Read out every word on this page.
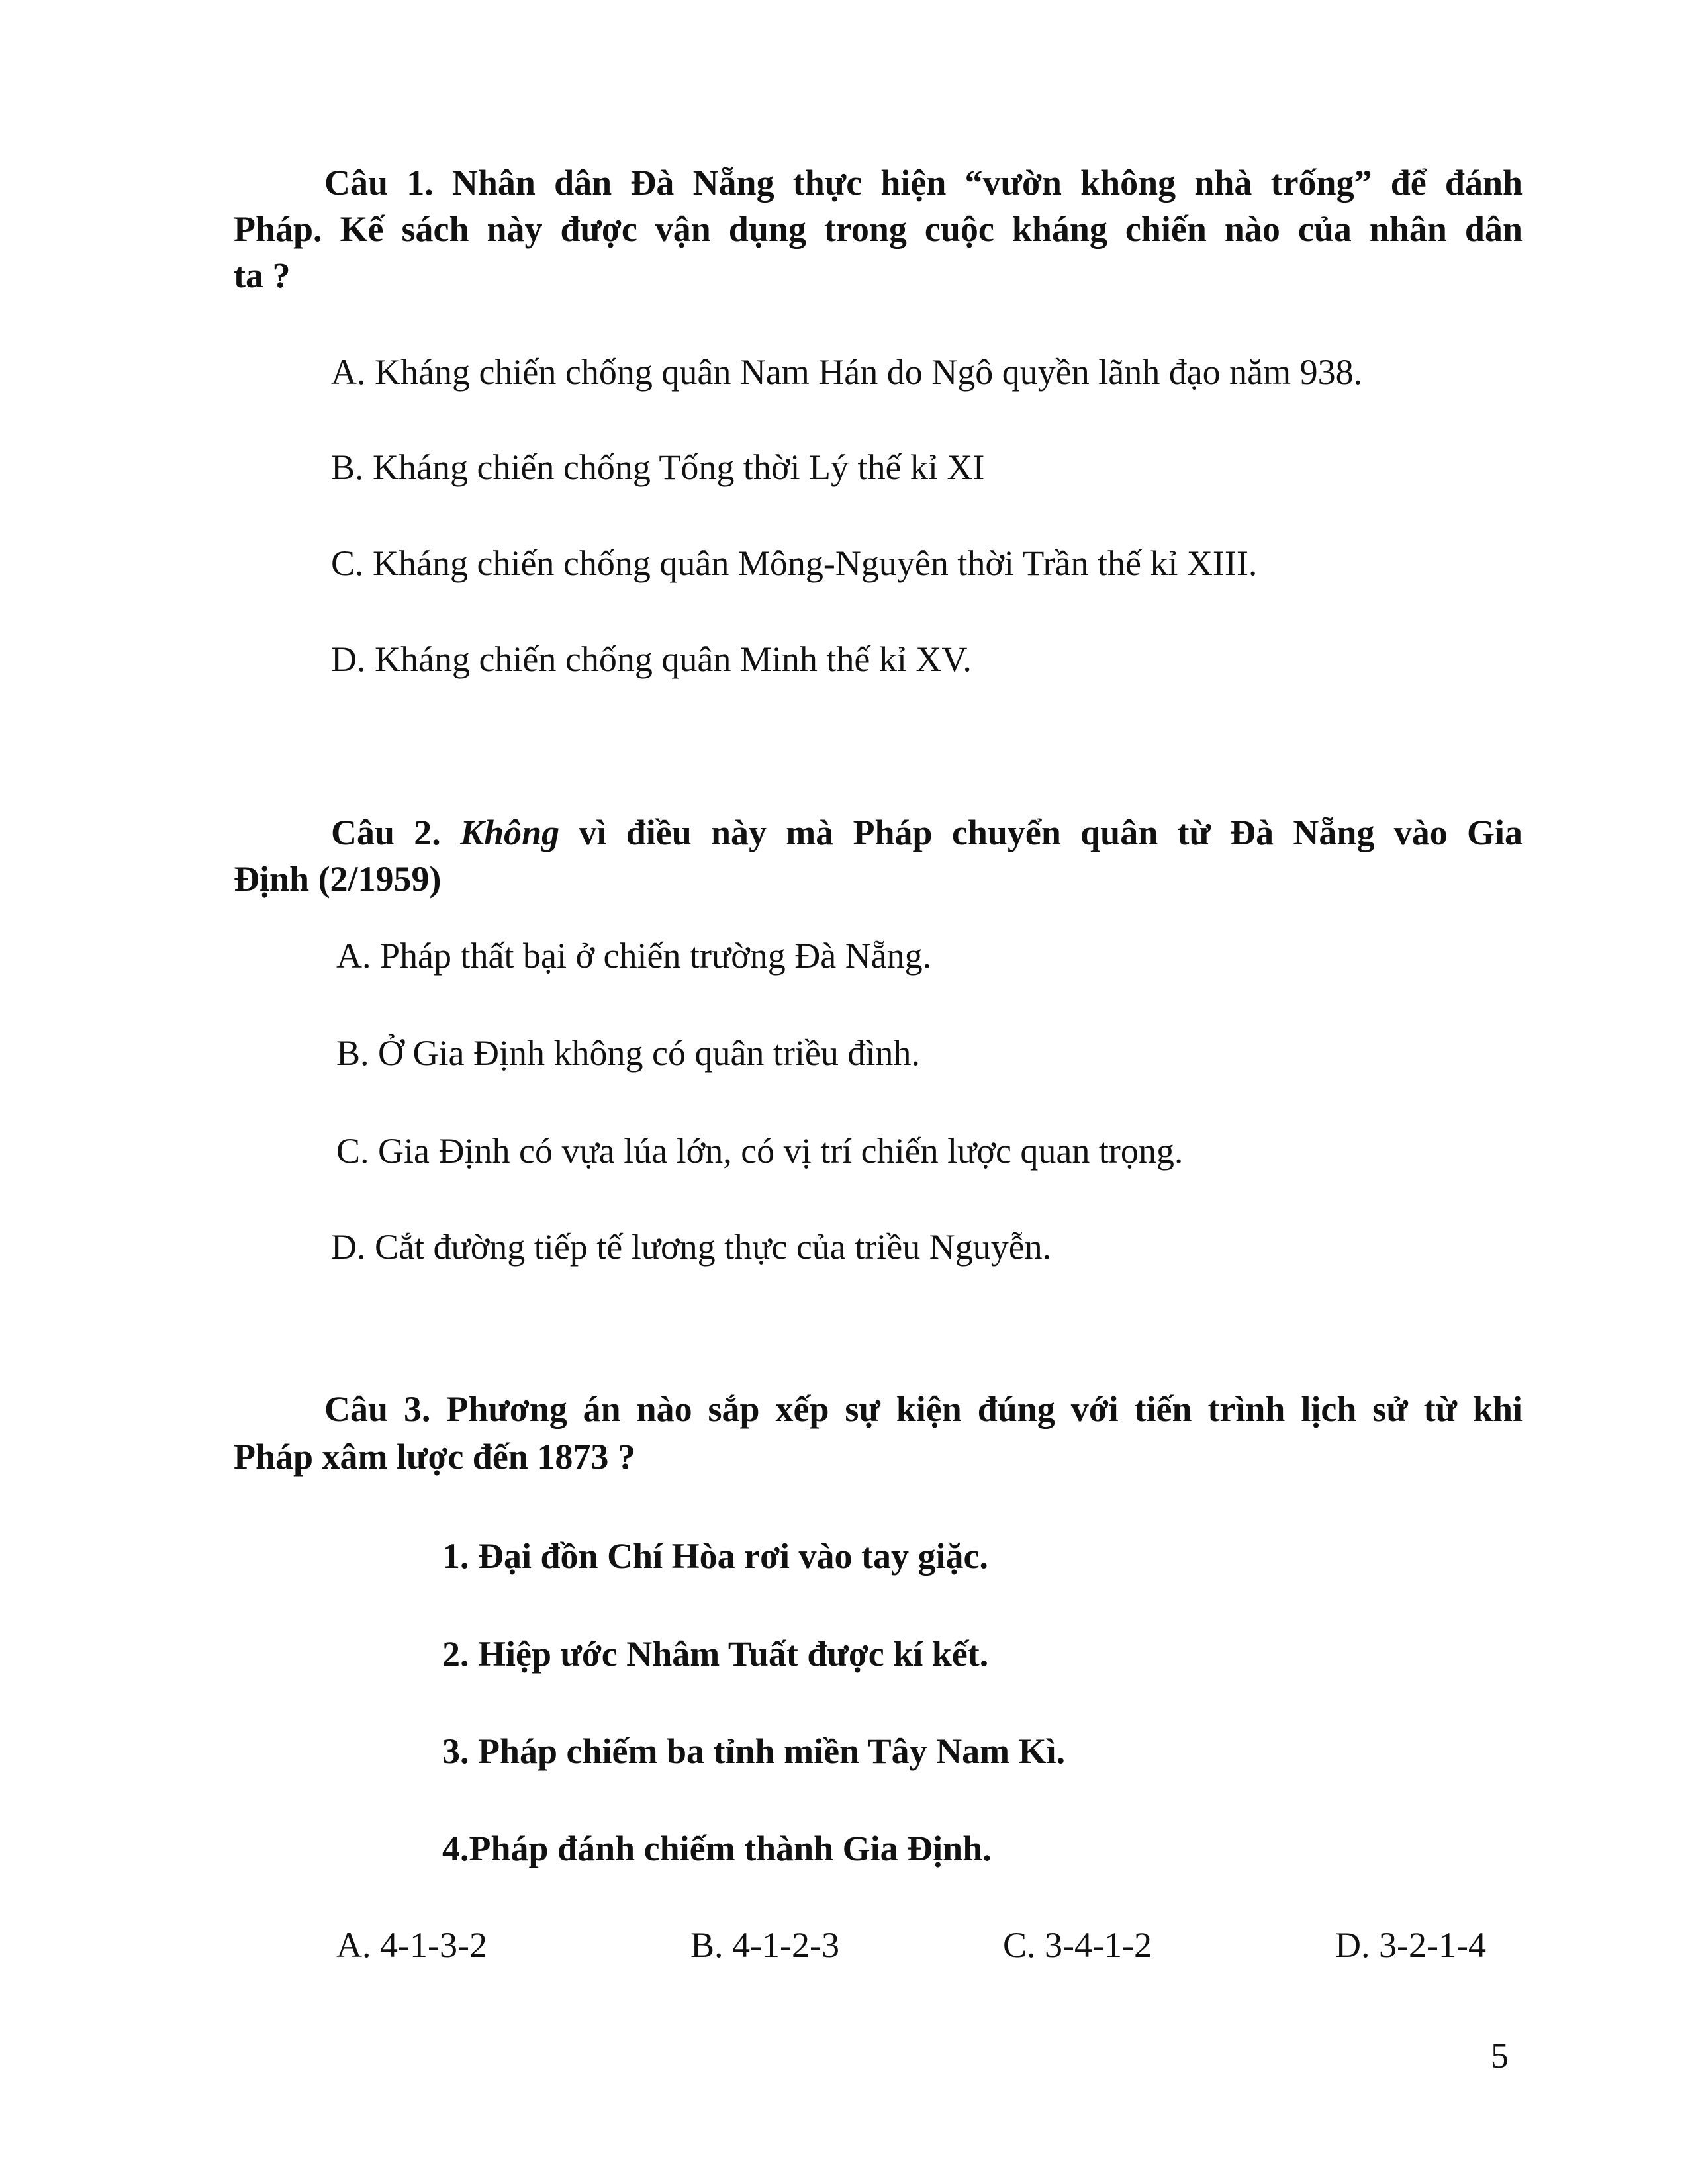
Câu 1. Nhân dân Đà Nẵng thực hiện “vườn không nhà trống” để đánh
Pháp. Kế sách này được vận dụng trong cuộc kháng chiến nào của nhân dân
ta ?
A. Kháng chiến chống quân Nam Hán do Ngô quyền lãnh đạo năm 938.
B. Kháng chiến chống Tống thời Lý thế kỉ XI
C. Kháng chiến chống quân Mông-Nguyên thời Trần thế kỉ XIII.
D. Kháng chiến chống quân Minh thế kỉ XV.
Câu 2. Không vì điều này mà Pháp chuyển quân từ Đà Nẵng vào Gia
Định (2/1959)
A. Pháp thất bại ở chiến trường Đà Nẵng.
B. Ở Gia Định không có quân triều đình.
C. Gia Định có vựa lúa lớn, có vị trí chiến lược quan trọng.
D. Cắt đường tiếp tế lương thực của triều Nguyễn.
Câu 3. Phương án nào sắp xếp sự kiện đúng với tiến trình lịch sử từ khi
Pháp xâm lược đến 1873 ?
1. Đại đồn Chí Hòa rơi vào tay giặc.
2. Hiệp ước Nhâm Tuất được kí kết.
3. Pháp chiếm ba tỉnh miền Tây Nam Kì.
4.Pháp đánh chiếm thành Gia Định.
A. 4-1-3-2	B. 4-1-2-3	C. 3-4-1-2	D. 3-2-1-4
5
